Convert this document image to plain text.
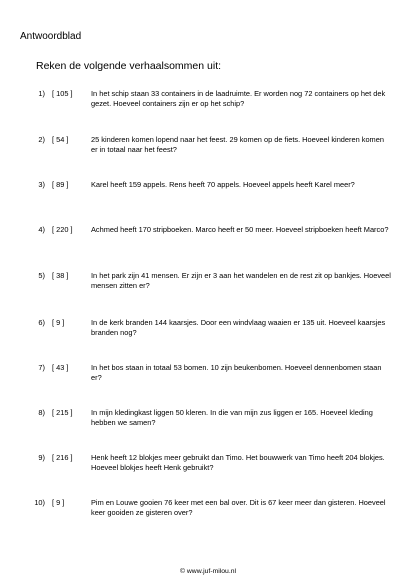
Antwoordblad
Reken de volgende verhaalsommen uit:
1) [ 105 ] In het schip staan 33 containers in de laadruimte. Er worden nog 72 containers op het dek gezet. Hoeveel containers zijn er op het schip?
2) [ 54 ]	25 kinderen komen lopend naar het feest. 29 komen op de fiets. Hoeveel kinderen komen er in totaal naar het feest?
3) [ 89 ]	Karel heeft 159 appels. Rens heeft 70 appels. Hoeveel appels heeft Karel meer?
4) [ 220 ] Achmed heeft 170 stripboeken. Marco heeft er 50 meer. Hoeveel stripboeken heeft Marco?
5) [ 38 ]	In het park zijn 41 mensen. Er zijn er 3 aan het wandelen en de rest zit op bankjes. Hoeveel mensen zitten er?
6) [ 9 ]	In de kerk branden 144 kaarsjes. Door een windvlaag waaien er 135 uit. Hoeveel kaarsjes branden nog?
7) [ 43 ]	In het bos staan in totaal 53 bomen. 10 zijn beukenbomen. Hoeveel dennenbomen staan er?
8) [ 215 ] In mijn kledingkast liggen 50 kleren. In die van mijn zus liggen er 165. Hoeveel kleding hebben we samen?
9) [ 216 ] Henk heeft 12 blokjes meer gebruikt dan Timo. Het bouwwerk van Timo heeft 204 blokjes. Hoeveel blokjes heeft Henk gebruikt?
10) [ 9 ]	Pim en Louwe gooien 76 keer met een bal over. Dit is 67 keer meer dan gisteren. Hoeveel keer gooiden ze gisteren over?
© www.juf-milou.nl
